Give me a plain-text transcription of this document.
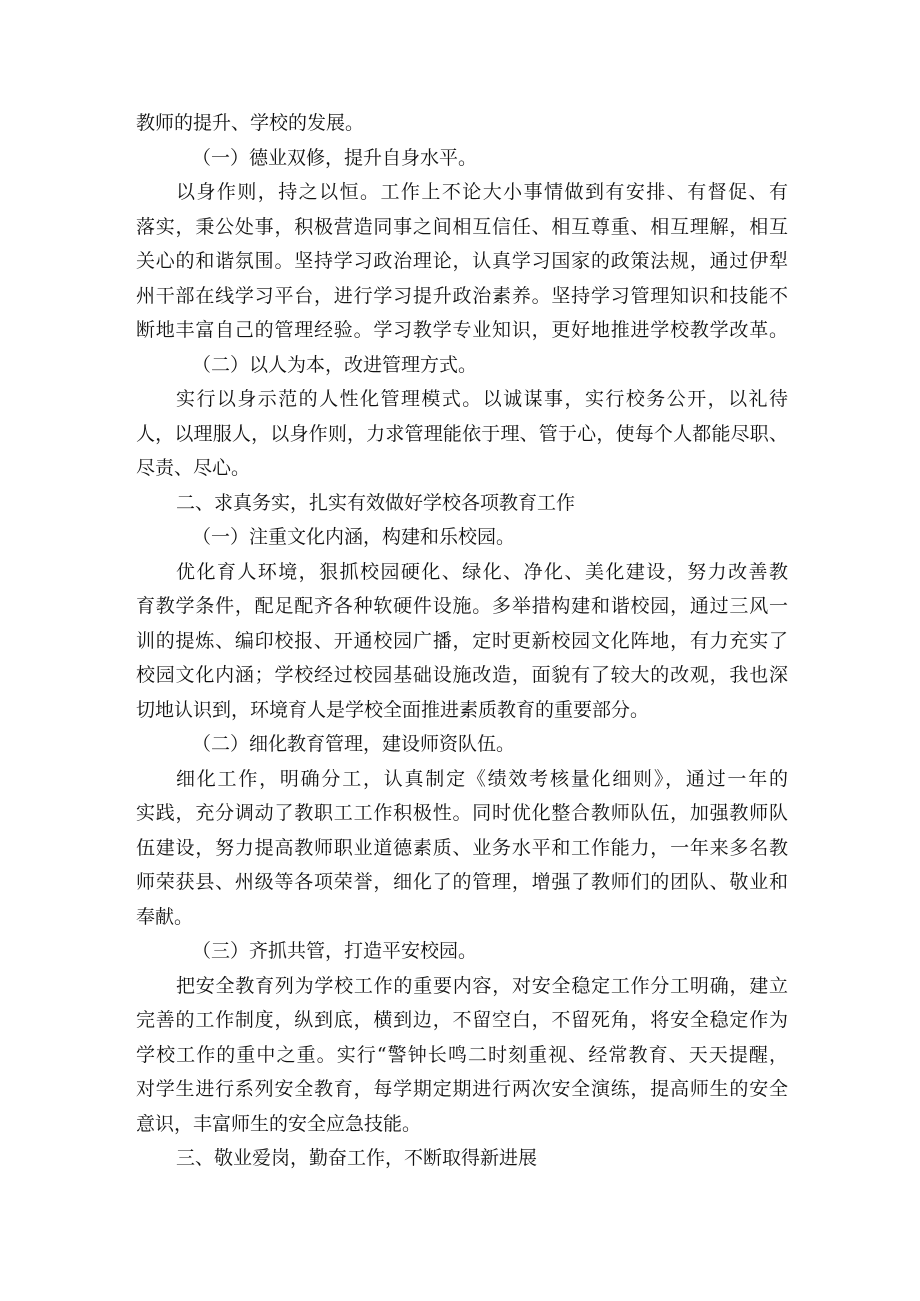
教师的提升、学校的发展。
（一）德业双修，提升自身水平。
以身作则，持之以恒。工作上不论大小事情做到有安排、有督促、有
落实，秉公处事，积极营造同事之间相互信任、相互尊重、相互理解，相互
关心的和谐氛围。坚持学习政治理论，认真学习国家的政策法规，通过伊犁
州干部在线学习平台，进行学习提升政治素养。坚持学习管理知识和技能不
断地丰富自己的管理经验。学习教学专业知识，更好地推进学校教学改革。
（二）以人为本，改进管理方式。
实行以身示范的人性化管理模式。以诚谋事，实行校务公开，以礼待
人，以理服人，以身作则，力求管理能依于理、管于心，使每个人都能尽职、
尽责、尽心。
二、求真务实，扎实有效做好学校各项教育工作
（一）注重文化内涵，构建和乐校园。
优化育人环境，狠抓校园硬化、绿化、净化、美化建设，努力改善教
育教学条件，配足配齐各种软硬件设施。多举措构建和谐校园，通过三风一
训的提炼、编印校报、开通校园广播，定时更新校园文化阵地，有力充实了
校园文化内涵；学校经过校园基础设施改造，面貌有了较大的改观，我也深
切地认识到，环境育人是学校全面推进素质教育的重要部分。
（二）细化教育管理，建设师资队伍。
细化工作，明确分工，认真制定《绩效考核量化细则》，通过一年的
实践，充分调动了教职工工作积极性。同时优化整合教师队伍，加强教师队
伍建设，努力提高教师职业道德素质、业务水平和工作能力，一年来多名教
师荣获县、州级等各项荣誉，细化了的管理，增强了教师们的团队、敬业和
奉献。
（三）齐抓共管，打造平安校园。
把安全教育列为学校工作的重要内容，对安全稳定工作分工明确，建立
完善的工作制度，纵到底，横到边，不留空白，不留死角，将安全稳定作为
学校工作的重中之重。实行“警钟长鸣二时刻重视、经常教育、天天提醒，
对学生进行系列安全教育，每学期定期进行两次安全演练，提高师生的安全
意识，丰富师生的安全应急技能。
三、敬业爱岗，勤奋工作，不断取得新进展
